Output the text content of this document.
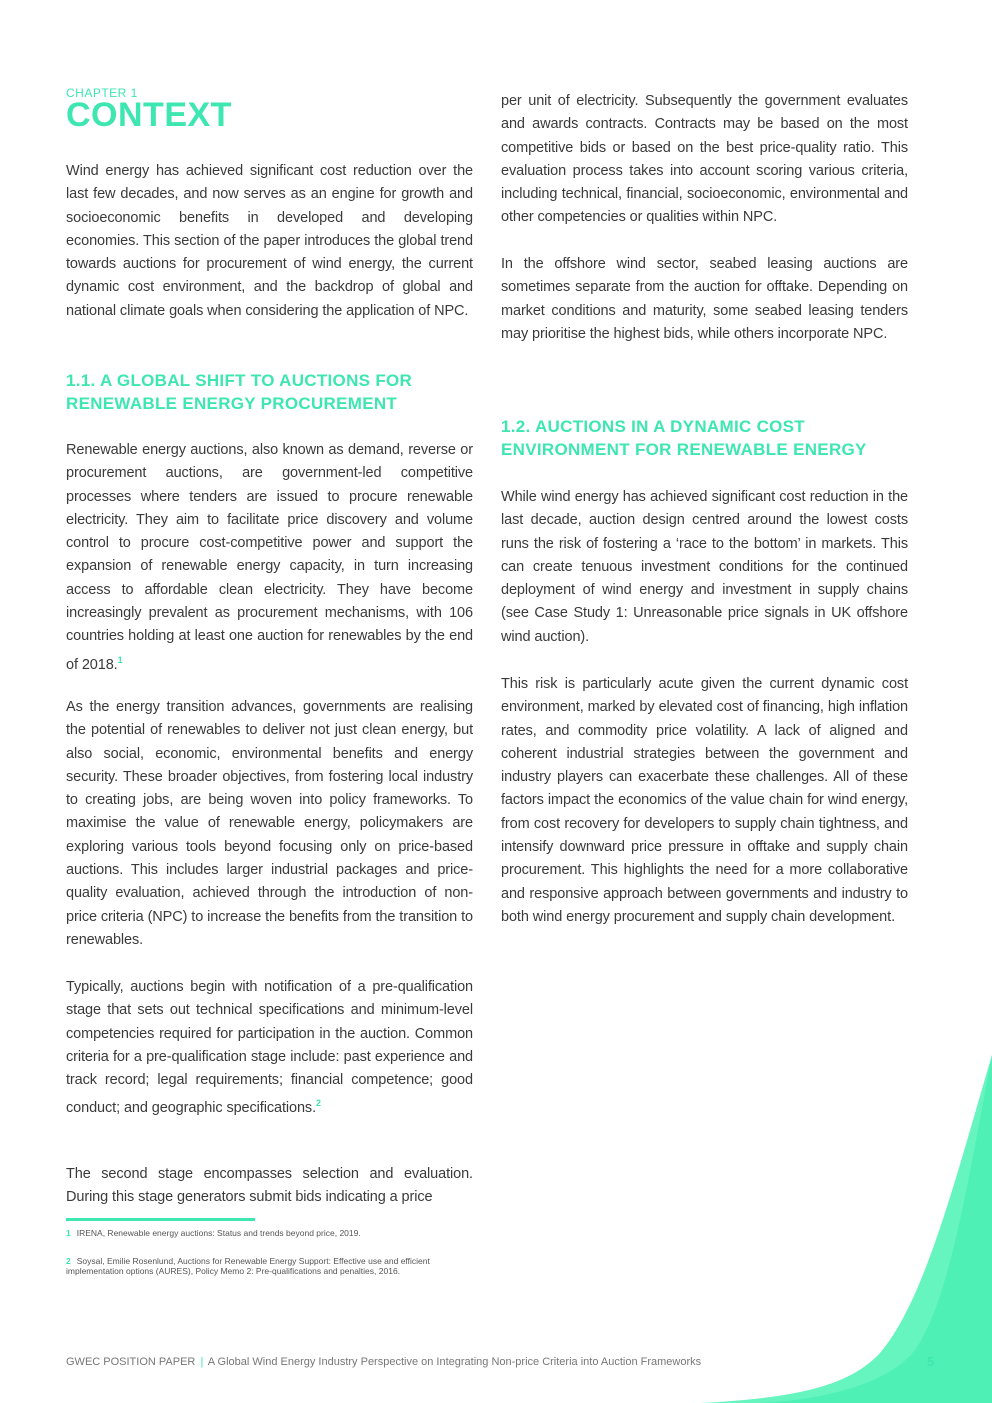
CHAPTER 1
CONTEXT

Wind energy has achieved significant cost reduction over the last few decades, and now serves as an engine for growth and socioeconomic benefits in developed and developing economies. This section of the paper introduces the global trend towards auctions for procurement of wind energy, the current dynamic cost environment, and the backdrop of global and national climate goals when considering the application of NPC.

1.1. A GLOBAL SHIFT TO AUCTIONS FOR RENEWABLE ENERGY PROCUREMENT

Renewable energy auctions, also known as demand, reverse or procurement auctions, are government-led competitive processes where tenders are issued to procure renewable electricity. They aim to facilitate price discovery and volume control to procure cost-competitive power and support the expansion of renewable energy capacity, in turn increasing access to affordable clean electricity. They have become increasingly prevalent as procurement mechanisms, with 106 countries holding at least one auction for renewables by the end of 2018.$^1$

As the energy transition advances, governments are realising the potential of renewables to deliver not just clean energy, but also social, economic, environmental benefits and energy security. These broader objectives, from fostering local industry to creating jobs, are being woven into policy frameworks. To maximise the value of renewable energy, policymakers are exploring various tools beyond focusing only on price-based auctions. This includes larger industrial packages and price-quality evaluation, achieved through the introduction of non-price criteria (NPC) to increase the benefits from the transition to renewables.

Typically, auctions begin with notification of a pre-qualification stage that sets out technical specifications and minimum-level competencies required for participation in the auction. Common criteria for a pre-qualification stage include: past experience and track record; legal requirements; financial competence; good conduct; and geographic specifications.$^2$

The second stage encompasses selection and evaluation. During this stage generators submit bids indicating a price

1 IRENA, Renewable energy auctions: Status and trends beyond price, 2019.
2 Soysal, Emilie Rosenlund, Auctions for Renewable Energy Support: Effective use and efficient implementation options (AURES), Policy Memo 2: Pre-qualifications and penalties, 2016.

per unit of electricity. Subsequently the government evaluates and awards contracts. Contracts may be based on the most competitive bids or based on the best price-quality ratio. This evaluation process takes into account scoring various criteria, including technical, financial, socioeconomic, environmental and other competencies or qualities within NPC.

In the offshore wind sector, seabed leasing auctions are sometimes separate from the auction for offtake. Depending on market conditions and maturity, some seabed leasing tenders may prioritise the highest bids, while others incorporate NPC.

1.2. AUCTIONS IN A DYNAMIC COST ENVIRONMENT FOR RENEWABLE ENERGY

While wind energy has achieved significant cost reduction in the last decade, auction design centred around the lowest costs runs the risk of fostering a ‘race to the bottom’ in markets. This can create tenuous investment conditions for the continued deployment of wind energy and investment in supply chains (see Case Study 1: Unreasonable price signals in UK offshore wind auction).

This risk is particularly acute given the current dynamic cost environment, marked by elevated cost of financing, high inflation rates, and commodity price volatility. A lack of aligned and coherent industrial strategies between the government and industry players can exacerbate these challenges. All of these factors impact the economics of the value chain for wind energy, from cost recovery for developers to supply chain tightness, and intensify downward price pressure in offtake and supply chain procurement. This highlights the need for a more collaborative and responsive approach between governments and industry to both wind energy procurement and supply chain development.

GWEC POSITION PAPER | A Global Wind Energy Industry Perspective on Integrating Non-price Criteria into Auction Frameworks	5
